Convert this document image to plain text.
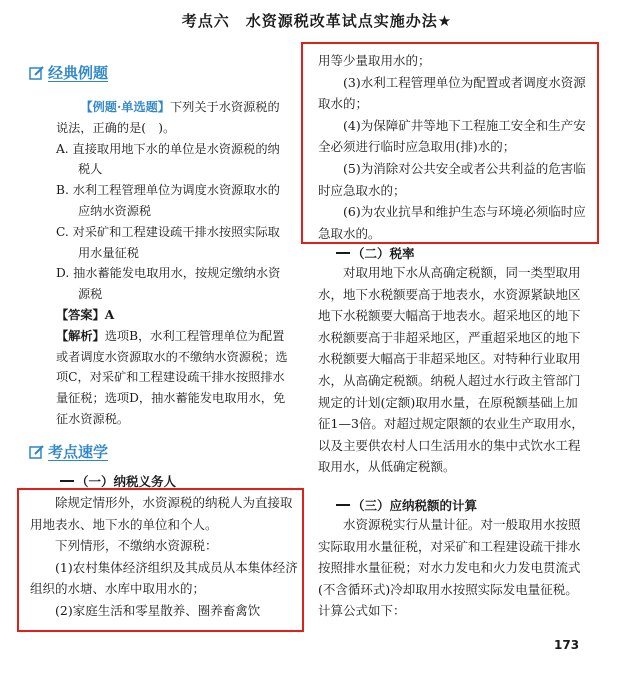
考点六　水资源税改革试点实施办法★
经典例题

【例题·单选题】下列关于水资源税的说法，正确的是(　)。

A. 直接取用地下水的单位是水资源税的纳税人

B. 水利工程管理单位为调度水资源取水的应纳水资源税

C. 对采矿和工程建设疏干排水按照实际取用水量征税

D. 抽水蓄能发电取用水，按规定缴纳水资源税

【答案】A

【解析】选项B，水利工程管理单位为配置或者调度水资源取水的不缴纳水资源税；选项C，对采矿和工程建设疏干排水按照排水量征税；选项D，抽水蓄能发电取用水，免征水资源税。

考点速学
（一）纳税义务人

除规定情形外，水资源税的纳税人为直接取用地表水、地下水的单位和个人。

下列情形，不缴纳水资源税：

(1)农村集体经济组织及其成员从本集体经济组织的水塘、水库中取用水的；

(2)家庭生活和零星散养、圈养畜禽饮

用等少量取用水的；

(3)水利工程管理单位为配置或者调度水资源取水的；

(4)为保障矿井等地下工程施工安全和生产安全必须进行临时应急取用(排)水的；

(5)为消除对公共安全或者公共利益的危害临时应急取水的；

(6)为农业抗旱和维护生态与环境必须临时应急取水的。

（二）税率

对取用地下水从高确定税额，同一类型取用水，地下水税额要高于地表水，水资源紧缺地区地下水税额要大幅高于地表水。超采地区的地下水税额要高于非超采地区，严重超采地区的地下水税额要大幅高于非超采地区。对特种行业取用水，从高确定税额。纳税人超过水行政主管部门规定的计划(定额)取用水量，在原税额基础上加征1—3倍。对超过规定限额的农业生产取用水，以及主要供农村人口生活用水的集中式饮水工程取用水，从低确定税额。

（三）应纳税额的计算

水资源税实行从量计征。对一般取用水按照实际取用水量征税，对采矿和工程建设疏干排水按照排水量征税；对水力发电和火力发电贯流式(不含循环式)冷却取用水按照实际发电量征税。计算公式如下：

173
